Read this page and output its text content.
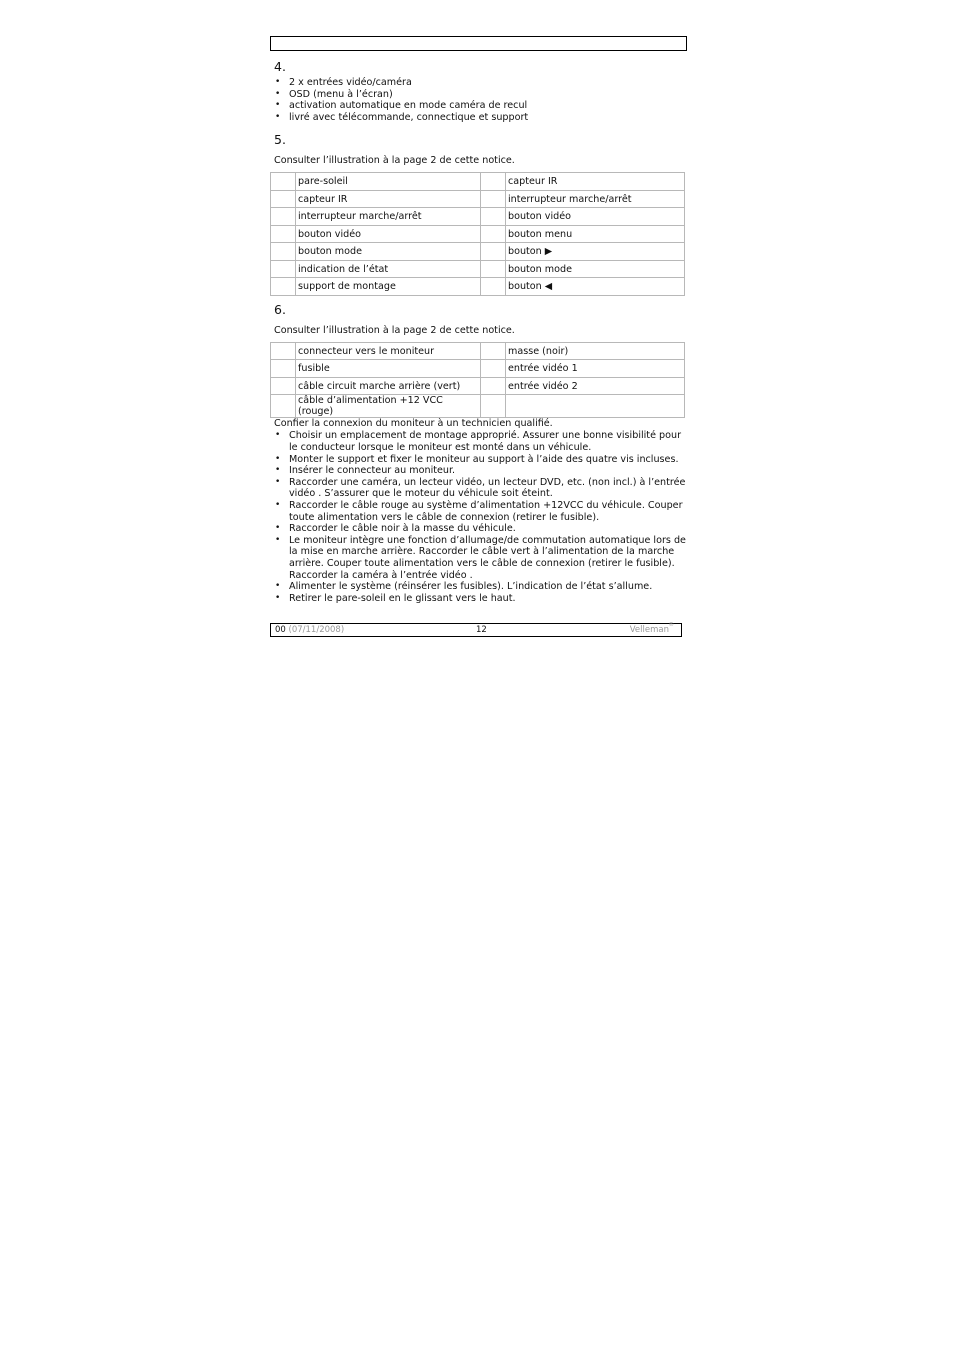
4.
• 2 x entrées vidéo/caméra
• OSD (menu à l’écran)
• activation automatique en mode caméra de recul
• livré avec télécommande, connectique et support
5.
Consulter l’illustration à la page 2 de cette notice.
	pare-soleil		capteur IR
	capteur IR		interrupteur marche/arrêt
	interrupteur marche/arrêt		bouton vidéo
	bouton vidéo		bouton menu
	bouton mode		bouton ▶
	indication de l’état		bouton mode
	support de montage		bouton ◀
6.
Consulter l’illustration à la page 2 de cette notice.
	connecteur vers le moniteur		masse (noir)
	fusible		entrée vidéo 1
	câble circuit marche arrière (vert)		entrée vidéo 2
	câble d’alimentation +12 VCC (rouge)		
Confier la connexion du moniteur à un technicien qualifié.
• Choisir un emplacement de montage approprié. Assurer une bonne visibilité pour le conducteur lorsque le moniteur est monté dans un véhicule.
• Monter le support et fixer le moniteur au support à l’aide des quatre vis incluses.
• Insérer le connecteur au moniteur.
• Raccorder une caméra, un lecteur vidéo, un lecteur DVD, etc. (non incl.) à l’entrée vidéo . S’assurer que le moteur du véhicule soit éteint.
• Raccorder le câble rouge au système d’alimentation +12VCC du véhicule. Couper toute alimentation vers le câble de connexion (retirer le fusible).
• Raccorder le câble noir à la masse du véhicule.
• Le moniteur intègre une fonction d’allumage/de commutation automatique lors de la mise en marche arrière. Raccorder le câble vert à l’alimentation de la marche arrière. Couper toute alimentation vers le câble de connexion (retirer le fusible). Raccorder la caméra à l’entrée vidéo .
• Alimenter le système (réinsérer les fusibles). L’indication de l’état s’allume.
• Retirer le pare-soleil en le glissant vers le haut.
00 (07/11/2008)	12	Velleman ®
